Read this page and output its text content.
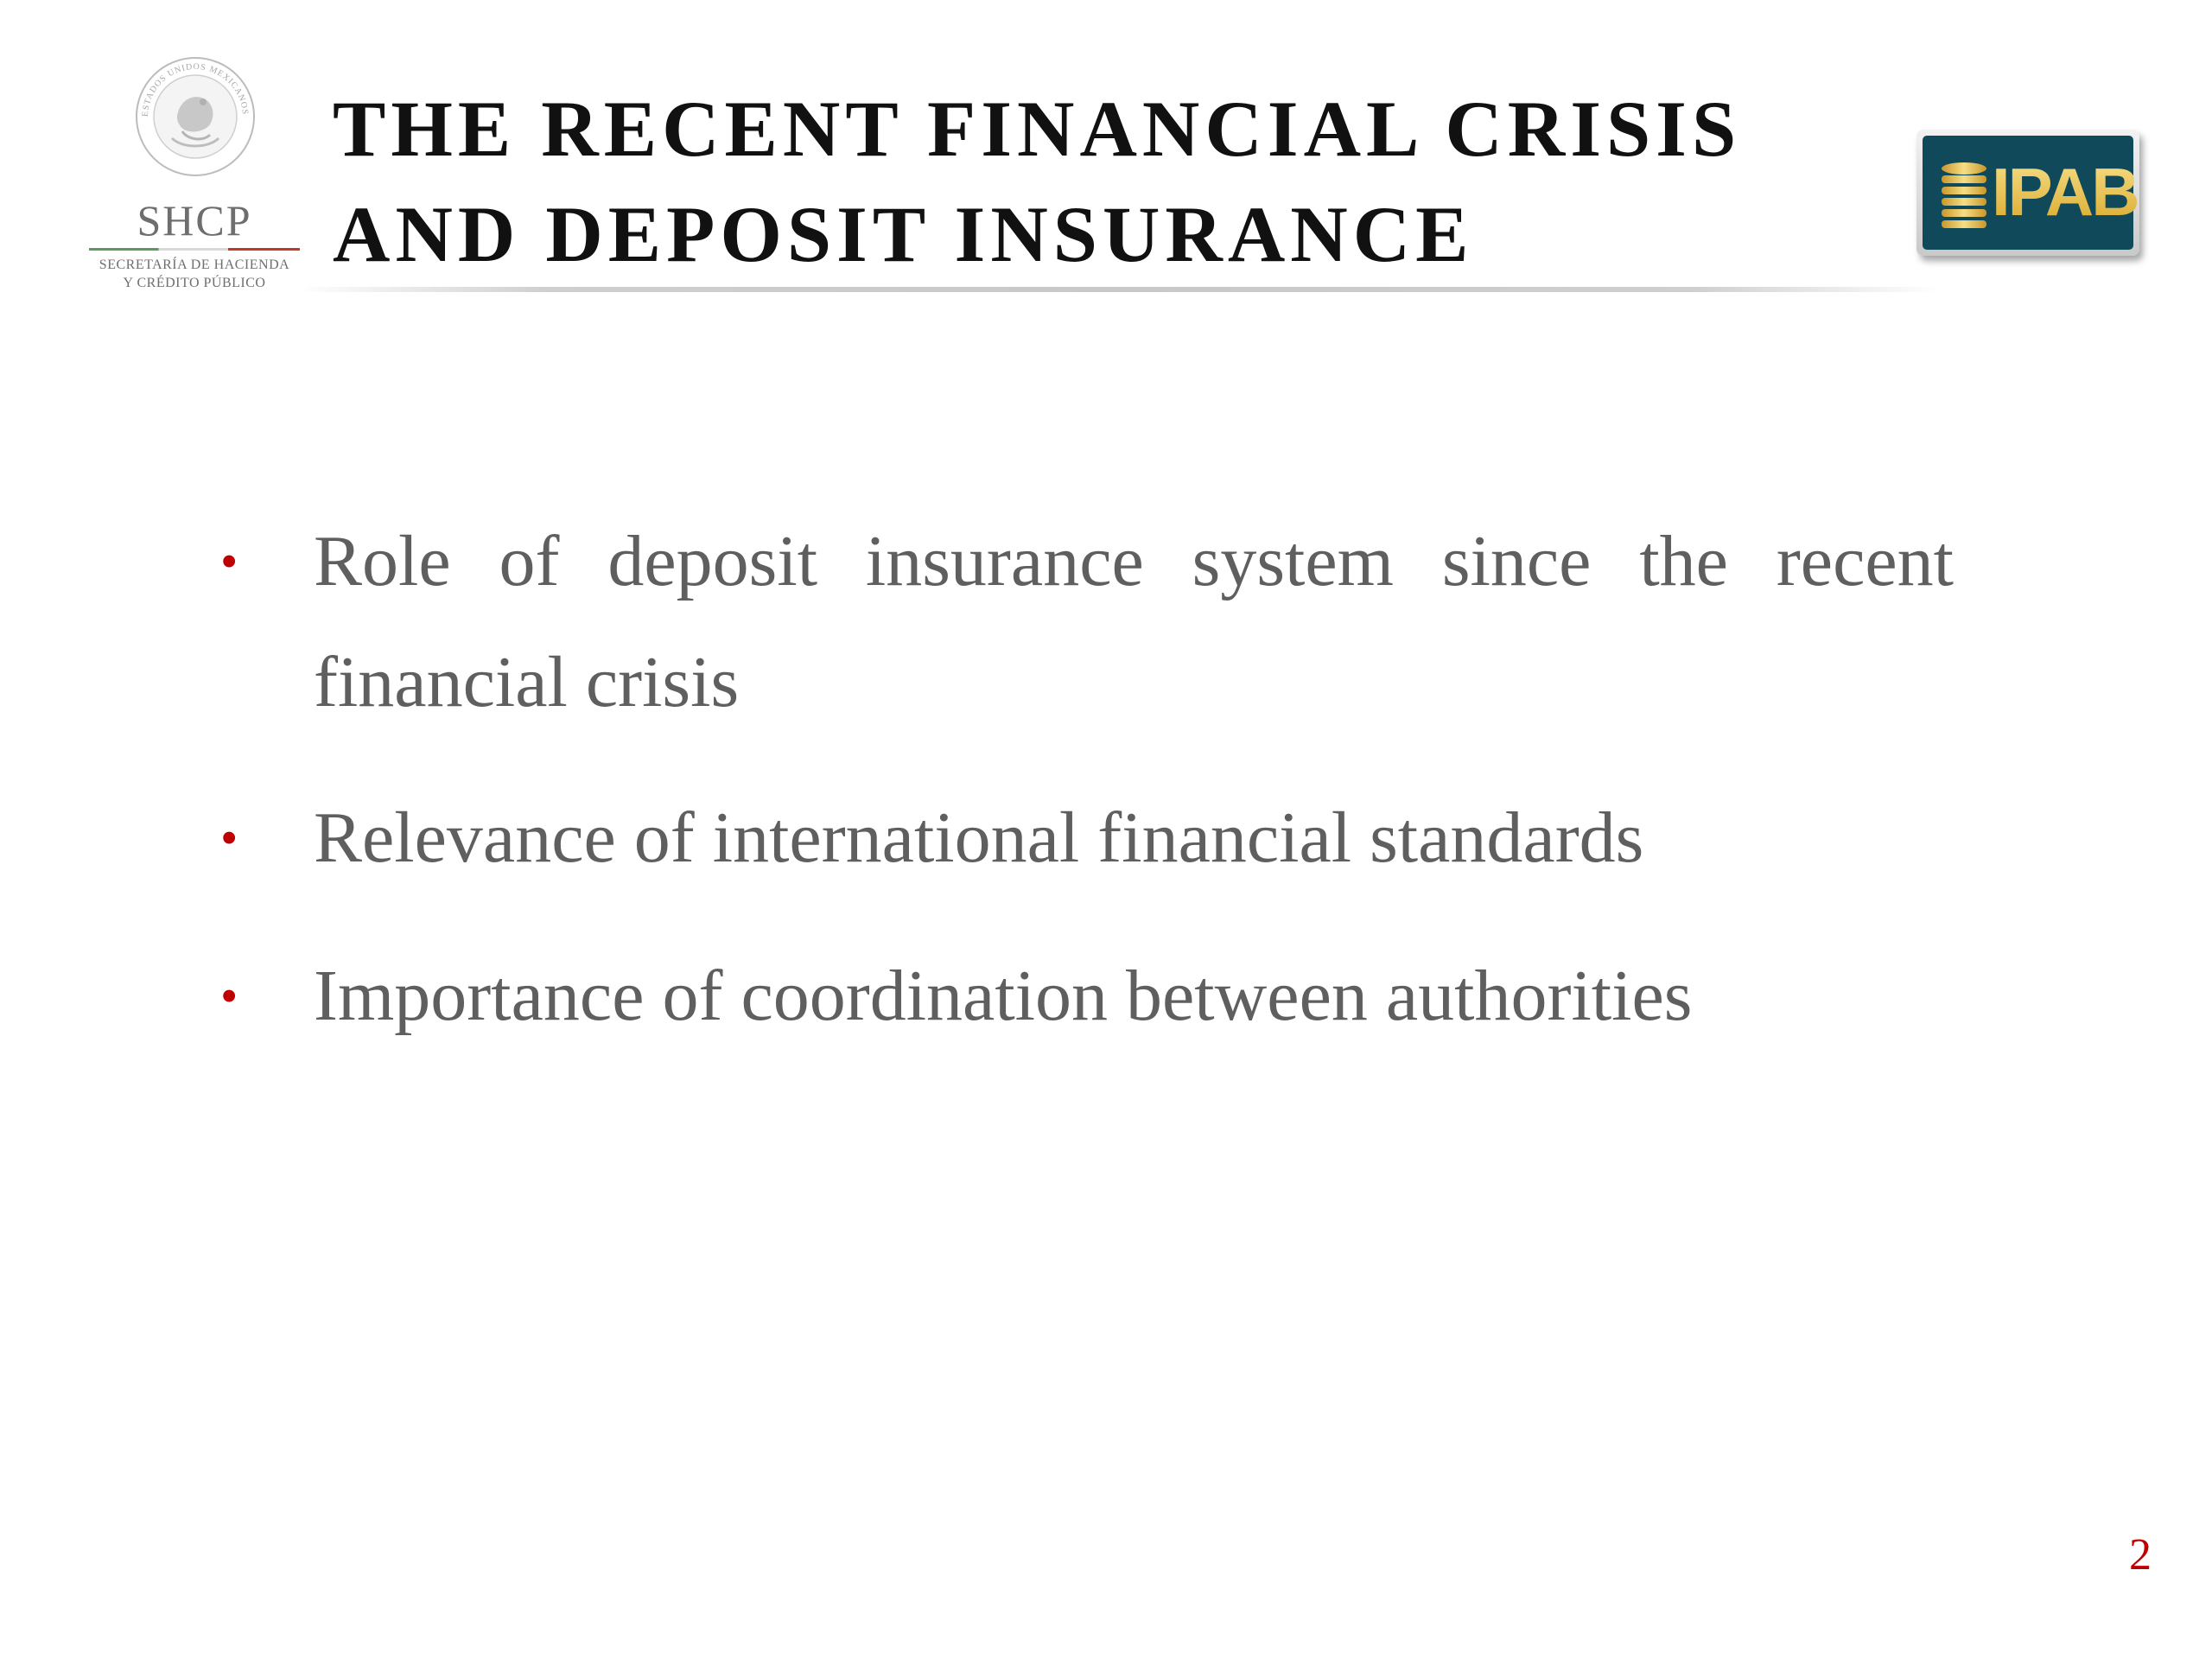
ESTADOS UNIDOS MEXICANOS
SHCP
SECRETARÍA DE HACIENDA
Y CRÉDITO PÚBLICO
THE RECENT FINANCIAL CRISIS
AND DEPOSIT INSURANCE	IPAB
• Role of deposit insurance system since the recent financial crisis
• Relevance of international financial standards
• Importance of coordination between authorities
2
